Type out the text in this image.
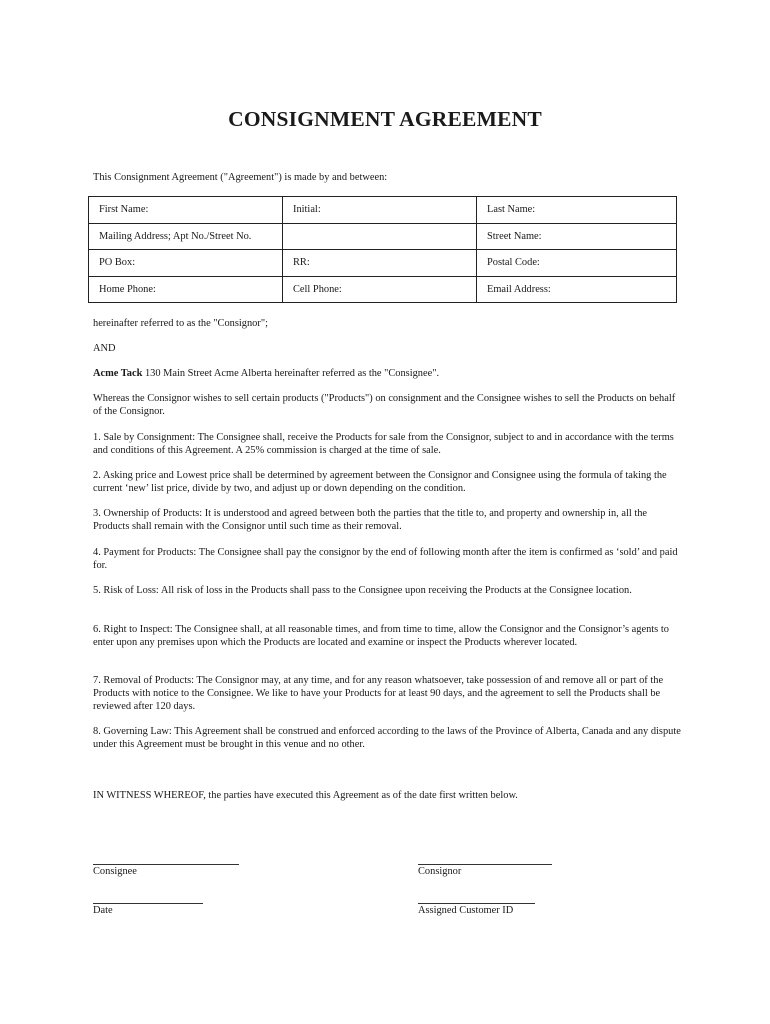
CONSIGNMENT AGREEMENT
This Consignment Agreement ("Agreement") is made by and between:
First Name:	Initial:	Last Name:
Mailing Address; Apt No./Street No.		Street Name:
PO Box:	RR:	Postal Code:
Home Phone:	Cell Phone:	Email Address:
hereinafter referred to as the "Consignor";
AND
Acme Tack 130 Main Street Acme Alberta hereinafter referred as the "Consignee".
Whereas the Consignor wishes to sell certain products ("Products") on consignment and the Consignee wishes to sell the Products on behalf of the Consignor.
1. Sale by Consignment: The Consignee shall, receive the Products for sale from the Consignor, subject to and in accordance with the terms and conditions of this Agreement. A 25% commission is charged at the time of sale.
2. Asking price and Lowest price shall be determined by agreement between the Consignor and Consignee using the formula of taking the current ‘new’ list price, divide by two, and adjust up or down depending on the condition.
3. Ownership of Products: It is understood and agreed between both the parties that the title to, and property and ownership in, all the Products shall remain with the Consignor until such time as their removal.
4. Payment for Products: The Consignee shall pay the consignor by the end of following month after the item is confirmed as ‘sold’ and paid for.
5. Risk of Loss: All risk of loss in the Products shall pass to the Consignee upon receiving the Products at the Consignee location.
6. Right to Inspect: The Consignee shall, at all reasonable times, and from time to time, allow the Consignor and the Consignor’s agents to enter upon any premises upon which the Products are located and examine or inspect the Products wherever located.
7. Removal of Products: The Consignor may, at any time, and for any reason whatsoever, take possession of and remove all or part of the Products with notice to the Consignee. We like to have your Products for at least 90 days, and the agreement to sell the Products shall be reviewed after 120 days.
8. Governing Law: This Agreement shall be construed and enforced according to the laws of the Province of Alberta, Canada and any dispute under this Agreement must be brought in this venue and no other.
IN WITNESS WHEREOF, the parties have executed this Agreement as of the date first written below.
Consignee	Consignor
Date	Assigned Customer ID
